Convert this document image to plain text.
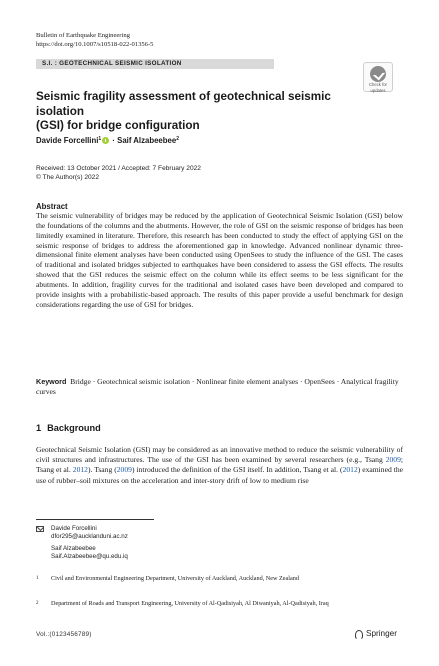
Bulletin of Earthquake Engineering
https://doi.org/10.1007/s10518-022-01356-5
S.I. : GEOTECHNICAL SEISMIC ISOLATION
Check for
updates
Seismic fragility assessment of geotechnical seismic isolation
(GSI) for bridge configuration
Davide Forcellini$^1$ · Saif Alzabeebee$^2$
Received: 13 October 2021 / Accepted: 7 February 2022
© The Author(s) 2022
Abstract
The seismic vulnerability of bridges may be reduced by the application of Geotechnical Seismic Isolation (GSI) below the foundations of the columns and the abutments. However, the role of GSI on the seismic response of bridges has been limitedly examined in literature. Therefore, this research has been conducted to study the effect of applying GSI on the seismic response of bridges to address the aforementioned gap in knowledge. Advanced nonlinear dynamic three-dimensional finite element analyses have been conducted using OpenSees to study the influence of the GSI. The cases of traditional and isolated bridges subjected to earthquakes have been considered to assess the GSI effects. The results showed that the GSI reduces the seismic effect on the column while its effect seems to be less significant for the abutments. In addition, fragility curves for the traditional and isolated cases have been developed and compared to provide insights with a probabilistic-based approach. The results of this paper provide a useful benchmark for design considerations regarding the use of GSI for bridges.
Keyword Bridge · Geotechnical seismic isolation · Nonlinear finite element analyses · OpenSees · Analytical fragility curves
1 Background
Geotechnical Seismic Isolation (GSI) may be considered as an innovative method to reduce the seismic vulnerability of civil structures and infrastructures. The use of the GSI has been examined by several researchers (e.g., Tsang 2009; Tsang et al. 2012). Tsang (2009) introduced the definition of the GSI itself. In addition, Tsang et al. (2012) examined the use of rubber–soil mixtures on the acceleration and inter-story drift of low to medium rise
Davide Forcellini
dfor295@aucklanduni.ac.nz
Saif Alzabeebee
Saif.Alzabeebee@qu.edu.iq
1	Civil and Environmental Engineering Department, University of Auckland, Auckland, New Zealand
2	Department of Roads and Transport Engineering, University of Al-Qadisiyah, Al Diwaniyah, Al-Qadisiyah, Iraq
Vol.:(0123456789)	Springer
